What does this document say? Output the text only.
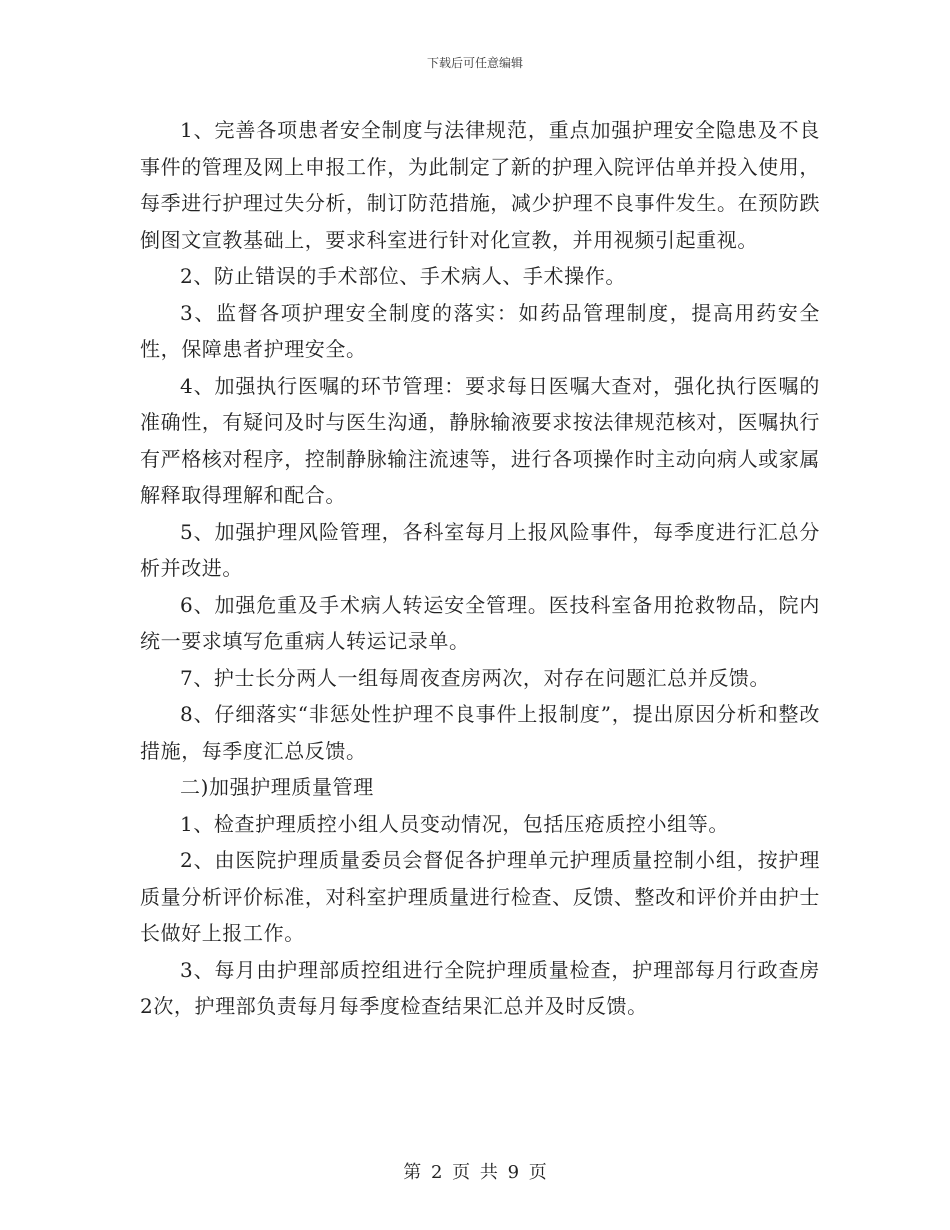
下载后可任意编辑

1、完善各项患者安全制度与法律规范，重点加强护理安全隐患及不良事件的管理及网上申报工作，为此制定了新的护理入院评估单并投入使用，每季进行护理过失分析，制订防范措施，减少护理不良事件发生。在预防跌倒图文宣教基础上，要求科室进行针对化宣教，并用视频引起重视。

2、防止错误的手术部位、手术病人、手术操作。

3、监督各项护理安全制度的落实：如药品管理制度，提高用药安全性，保障患者护理安全。

4、加强执行医嘱的环节管理：要求每日医嘱大查对，强化执行医嘱的准确性，有疑问及时与医生沟通，静脉输液要求按法律规范核对，医嘱执行有严格核对程序，控制静脉输注流速等，进行各项操作时主动向病人或家属解释取得理解和配合。

5、加强护理风险管理，各科室每月上报风险事件，每季度进行汇总分析并改进。

6、加强危重及手术病人转运安全管理。医技科室备用抢救物品，院内统一要求填写危重病人转运记录单。

7、护士长分两人一组每周夜查房两次，对存在问题汇总并反馈。

8、仔细落实“非惩处性护理不良事件上报制度”，提出原因分析和整改措施，每季度汇总反馈。

二)加强护理质量管理

1、检查护理质控小组人员变动情况，包括压疮质控小组等。

2、由医院护理质量委员会督促各护理单元护理质量控制小组，按护理质量分析评价标准，对科室护理质量进行检查、反馈、整改和评价并由护士长做好上报工作。

3、每月由护理部质控组进行全院护理质量检查，护理部每月行政查房2次，护理部负责每月每季度检查结果汇总并及时反馈。

第 2 页 共 9 页
